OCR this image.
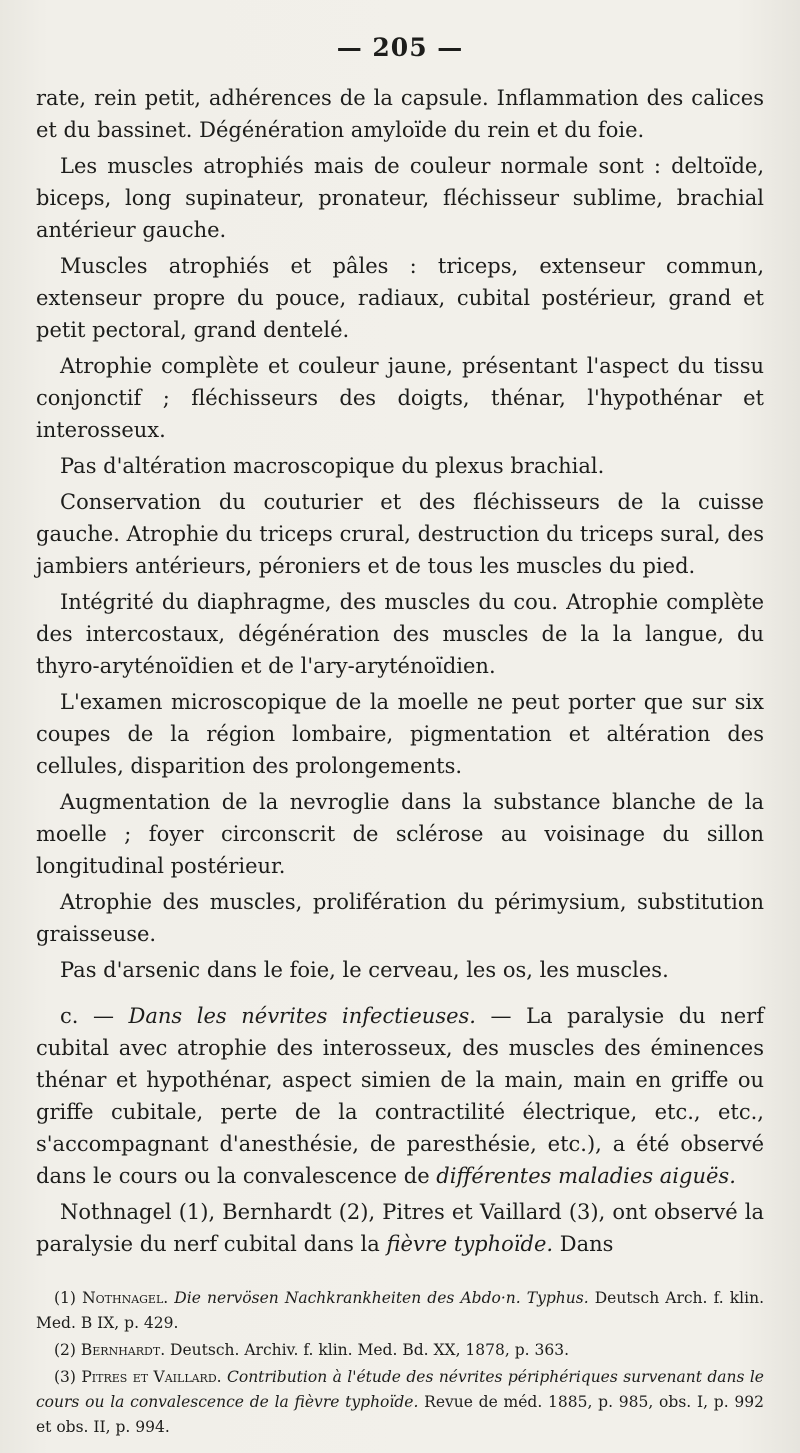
— 205 —

rate, rein petit, adhérences de la capsule. Inflammation des calices et du bassinet. Dégénération amyloïde du rein et du foie.

Les muscles atrophiés mais de couleur normale sont : deltoïde, biceps, long supinateur, pronateur, fléchisseur sublime, brachial antérieur gauche.

Muscles atrophiés et pâles : triceps, extenseur commun, extenseur propre du pouce, radiaux, cubital postérieur, grand et petit pectoral, grand dentelé.

Atrophie complète et couleur jaune, présentant l'aspect du tissu conjonctif ; fléchisseurs des doigts, thénar, l'hypothénar et interosseux.

Pas d'altération macroscopique du plexus brachial.

Conservation du couturier et des fléchisseurs de la cuisse gauche. Atrophie du triceps crural, destruction du triceps sural, des jambiers antérieurs, péroniers et de tous les muscles du pied.

Intégrité du diaphragme, des muscles du cou. Atrophie complète des intercostaux, dégénération des muscles de la la langue, du thyro-aryténoïdien et de l'ary-aryténoïdien.

L'examen microscopique de la moelle ne peut porter que sur six coupes de la région lombaire, pigmentation et altération des cellules, disparition des prolongements.

Augmentation de la nevroglie dans la substance blanche de la moelle ; foyer circonscrit de sclérose au voisinage du sillon longitudinal postérieur.

Atrophie des muscles, prolifération du périmysium, substitution graisseuse.

Pas d'arsenic dans le foie, le cerveau, les os, les muscles.

c. — Dans les névrites infectieuses. — La paralysie du nerf cubital avec atrophie des interosseux, des muscles des éminences thénar et hypothénar, aspect simien de la main, main en griffe ou griffe cubitale, perte de la contractilité électrique, etc., etc., s'accompagnant d'anesthésie, de paresthésie, etc.), a été observé dans le cours ou la convalescence de différentes maladies aiguës.

Nothnagel (1), Bernhardt (2), Pitres et Vaillard (3), ont observé la paralysie du nerf cubital dans la fièvre typhoïde. Dans

(1) Nothnagel. Die nervösen Nachkrankheiten des Abdo·n. Typhus. Deutsch Arch. f. klin. Med. B IX, p. 429.

(2) Bernhardt. Deutsch. Archiv. f. klin. Med. Bd. XX, 1878, p. 363.

(3) Pitres et Vaillard. Contribution à l'étude des névrites périphériques survenant dans le cours ou la convalescence de la fièvre typhoïde. Revue de méd. 1885, p. 985, obs. I, p. 992 et obs. II, p. 994.
